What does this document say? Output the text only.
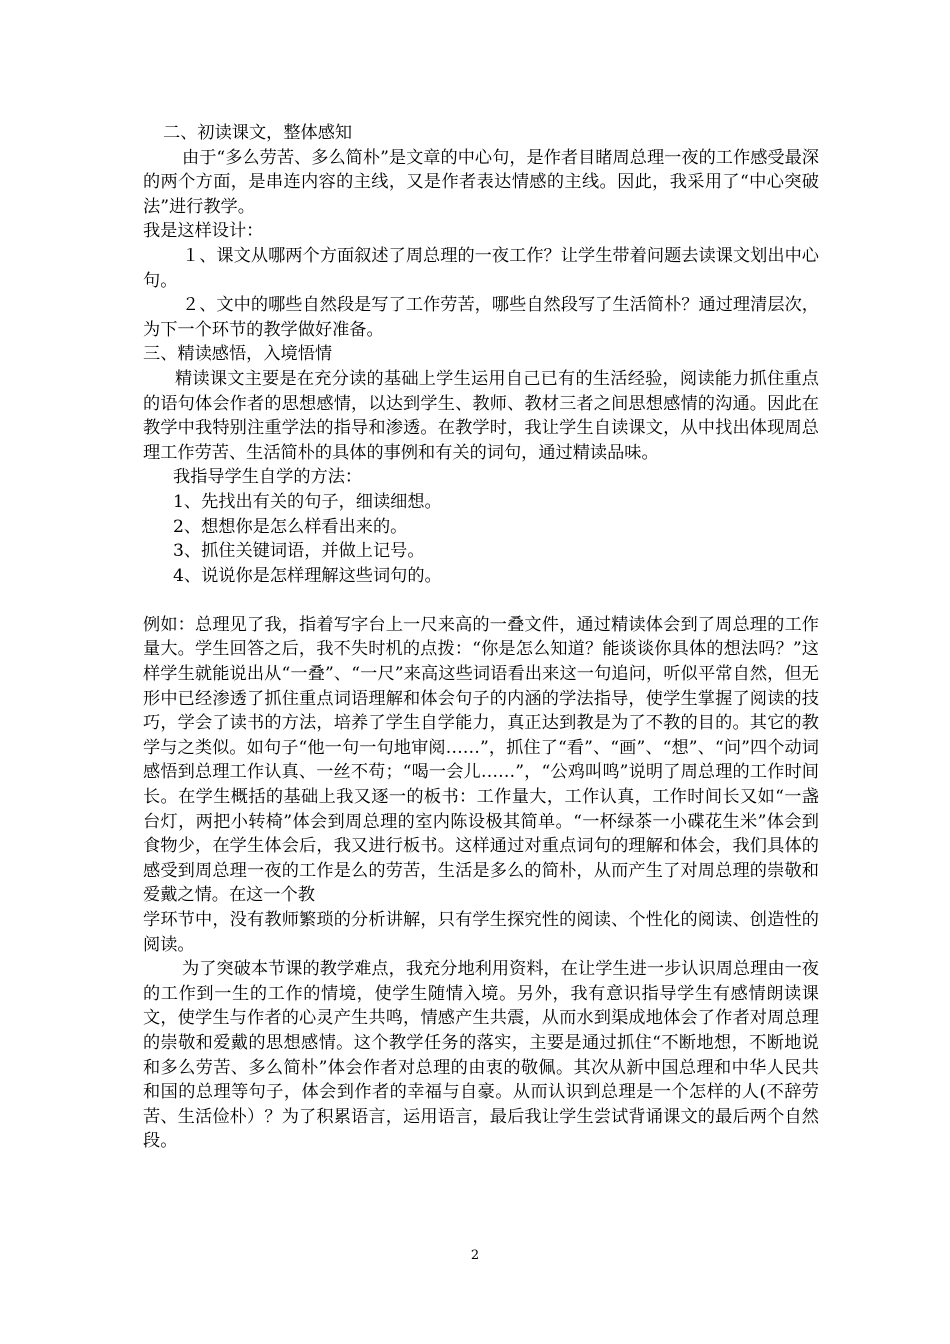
二、初读课文，整体感知

由于“多么劳苦、多么简朴”是文章的中心句，是作者目睹周总理一夜的工作感受最深的两个方面，是串连内容的主线，又是作者表达情感的主线。因此，我采用了“中心突破法”进行教学。

我是这样设计：

１、课文从哪两个方面叙述了周总理的一夜工作？让学生带着问题去读课文划出中心句。

２、文中的哪些自然段是写了工作劳苦，哪些自然段写了生活简朴？通过理清层次，为下一个环节的教学做好准备。

三、精读感悟，入境悟情

精读课文主要是在充分读的基础上学生运用自己已有的生活经验，阅读能力抓住重点的语句体会作者的思想感情，以达到学生、教师、教材三者之间思想感情的沟通。因此在教学中我特别注重学法的指导和渗透。在教学时，我让学生自读课文，从中找出体现周总理工作劳苦、生活简朴的具体的事例和有关的词句，通过精读品味。

我指导学生自学的方法：

1、先找出有关的句子，细读细想。

2、想想你是怎么样看出来的。

3、抓住关键词语，并做上记号。

4、说说你是怎样理解这些词句的。

例如：总理见了我，指着写字台上一尺来高的一叠文件，通过精读体会到了周总理的工作量大。学生回答之后，我不失时机的点拨：“你是怎么知道？能谈谈你具体的想法吗？”这样学生就能说出从“一叠”、“一尺”来高这些词语看出来这一句追问，听似平常自然，但无形中已经渗透了抓住重点词语理解和体会句子的内涵的学法指导，使学生掌握了阅读的技巧，学会了读书的方法，培养了学生自学能力，真正达到教是为了不教的目的。其它的教学与之类似。如句子“他一句一句地审阅……”，抓住了“看”、“画”、“想”、“问”四个动词感悟到总理工作认真、一丝不苟；“喝一会儿……”，“公鸡叫鸣”说明了周总理的工作时间长。在学生概括的基础上我又逐一的板书：工作量大，工作认真，工作时间长又如“一盏台灯，两把小转椅”体会到周总理的室内陈设极其简单。“一杯绿茶一小碟花生米”体会到食物少，在学生体会后，我又进行板书。这样通过对重点词句的理解和体会，我们具体的感受到周总理一夜的工作是么的劳苦，生活是多么的简朴，从而产生了对周总理的崇敬和爱戴之情。在这一个教

学环节中，没有教师繁琐的分析讲解，只有学生探究性的阅读、个性化的阅读、创造性的阅读。

为了突破本节课的教学难点，我充分地利用资料，在让学生进一步认识周总理由一夜的工作到一生的工作的情境，使学生随情入境。另外，我有意识指导学生有感情朗读课文，使学生与作者的心灵产生共鸣，情感产生共震，从而水到渠成地体会了作者对周总理的崇敬和爱戴的思想感情。这个教学任务的落实，主要是通过抓住“不断地想，不断地说和多么劳苦、多么简朴”体会作者对总理的由衷的敬佩。其次从新中国总理和中华人民共和国的总理等句子，体会到作者的幸福与自豪。从而认识到总理是一个怎样的人(不辞劳苦、生活俭朴）？为了积累语言，运用语言，最后我让学生尝试背诵课文的最后两个自然段。

2
